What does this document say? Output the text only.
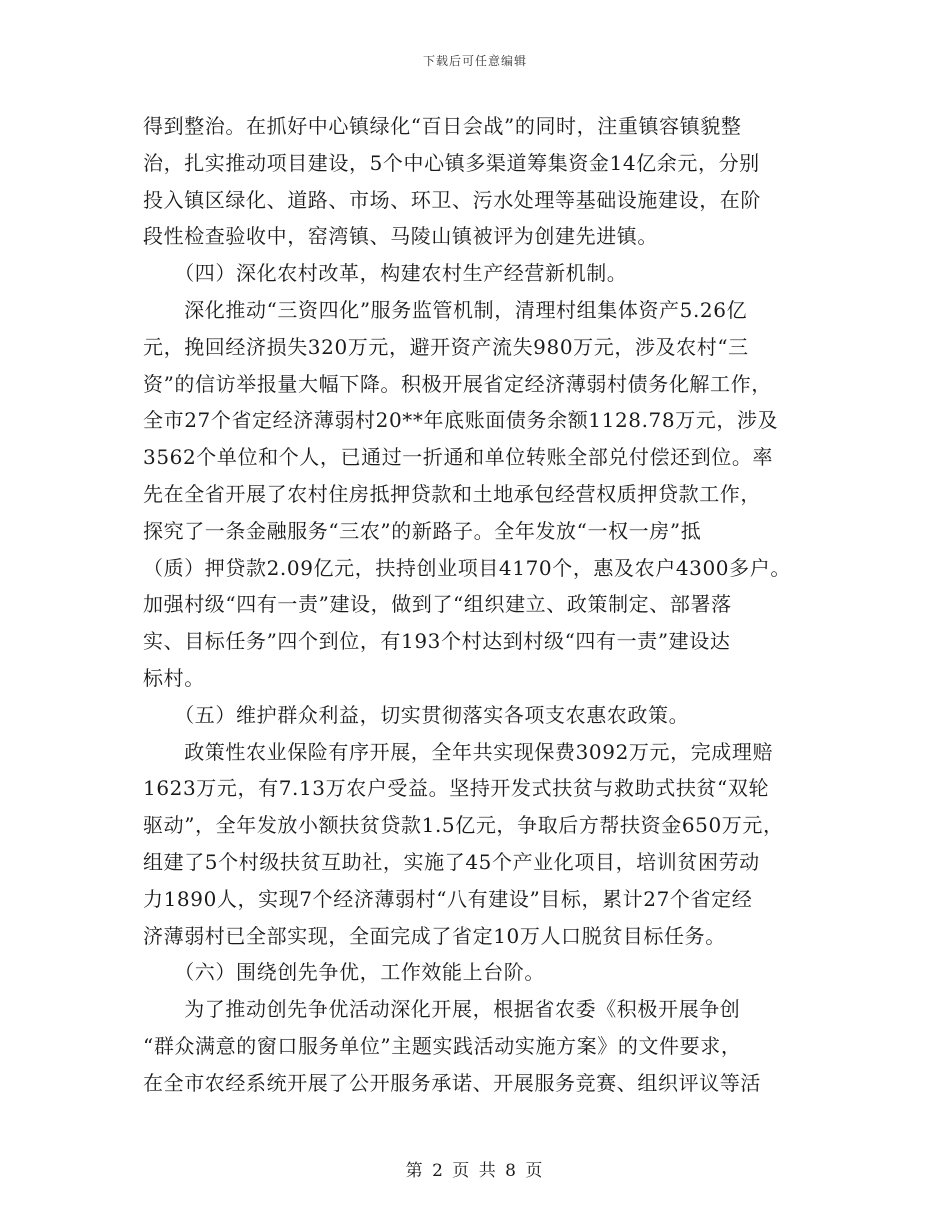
下载后可任意编辑
得到整治。在抓好中心镇绿化“百日会战”的同时，注重镇容镇貌整
治，扎实推动项目建设，5个中心镇多渠道筹集资金14亿余元，分别
投入镇区绿化、道路、市场、环卫、污水处理等基础设施建设，在阶
段性检查验收中，窑湾镇、马陵山镇被评为创建先进镇。
　　（四）深化农村改革，构建农村生产经营新机制。
　　深化推动“三资四化”服务监管机制，清理村组集体资产5.26亿
元，挽回经济损失320万元，避开资产流失980万元，涉及农村“三
资”的信访举报量大幅下降。积极开展省定经济薄弱村债务化解工作，
全市27个省定经济薄弱村20**年底账面债务余额1128.78万元，涉及
3562个单位和个人，已通过一折通和单位转账全部兑付偿还到位。率
先在全省开展了农村住房抵押贷款和土地承包经营权质押贷款工作，
探究了一条金融服务“三农”的新路子。全年发放“一权一房”抵
（质）押贷款2.09亿元，扶持创业项目4170个，惠及农户4300多户。
加强村级“四有一责”建设，做到了“组织建立、政策制定、部署落
实、目标任务”四个到位，有193个村达到村级“四有一责”建设达
标村。
　　（五）维护群众利益，切实贯彻落实各项支农惠农政策。
　　政策性农业保险有序开展，全年共实现保费3092万元，完成理赔
1623万元，有7.13万农户受益。坚持开发式扶贫与救助式扶贫“双轮
驱动”，全年发放小额扶贫贷款1.5亿元，争取后方帮扶资金650万元，
组建了5个村级扶贫互助社，实施了45个产业化项目，培训贫困劳动
力1890人，实现7个经济薄弱村“八有建设”目标，累计27个省定经
济薄弱村已全部实现，全面完成了省定10万人口脱贫目标任务。
　　（六）围绕创先争优，工作效能上台阶。
　　为了推动创先争优活动深化开展，根据省农委《积极开展争创
“群众满意的窗口服务单位”主题实践活动实施方案》的文件要求，
在全市农经系统开展了公开服务承诺、开展服务竞赛、组织评议等活
第 2 页 共 8 页
